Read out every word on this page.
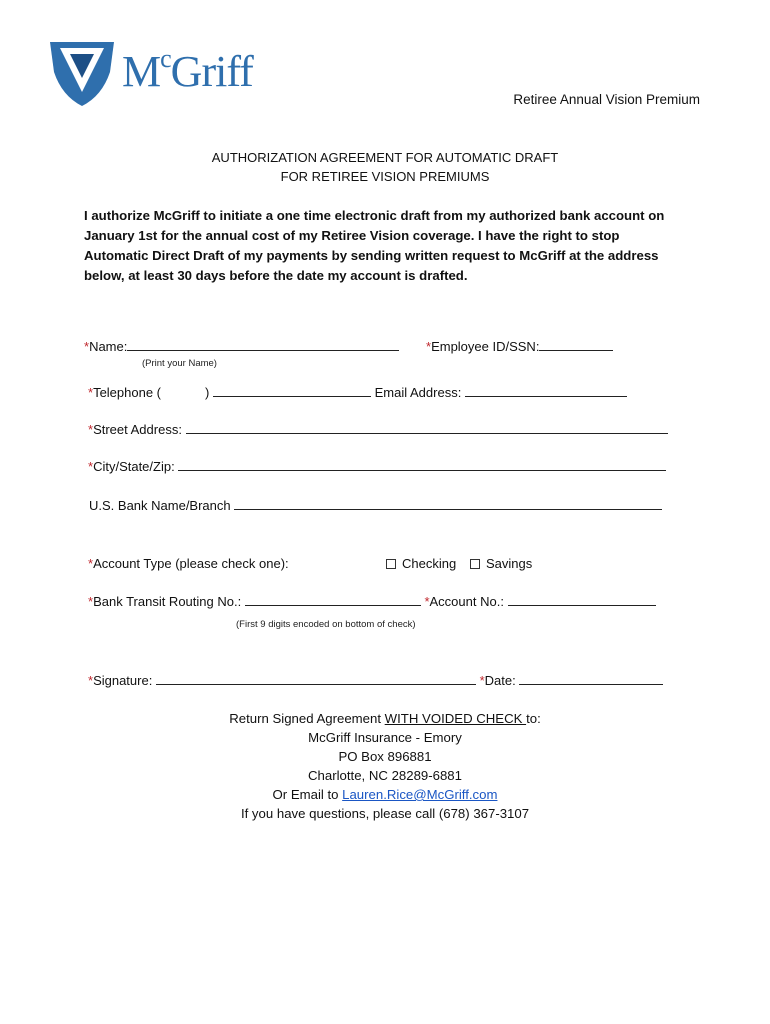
$M^cGriff$
Retiree Annual Vision Premium
AUTHORIZATION AGREEMENT FOR AUTOMATIC DRAFT
FOR RETIREE VISION PREMIUMS
I authorize McGriff to initiate a one time electronic draft from my authorized bank account on January 1st for the annual cost of my Retiree Vision coverage. I have the right to stop Automatic Direct Draft of my payments by sending written request to McGriff at the address below, at least 30 days before the date my account is drafted.
*Name:	*Employee ID/SSN:
(Print your Name)
*Telephone (	)	Email Address:
*Street Address:
*City/State/Zip:
U.S. Bank Name/Branch
*Account Type (please check one):	Checking	Savings
*Bank Transit Routing No.:	*Account No.:
(First 9 digits encoded on bottom of check)
*Signature:	*Date:
Return Signed Agreement WITH VOIDED CHECK to:
McGriff Insurance - Emory
PO Box 896881
Charlotte, NC 28289-6881
Or Email to Lauren.Rice@McGriff.com
If you have questions, please call (678) 367-3107
